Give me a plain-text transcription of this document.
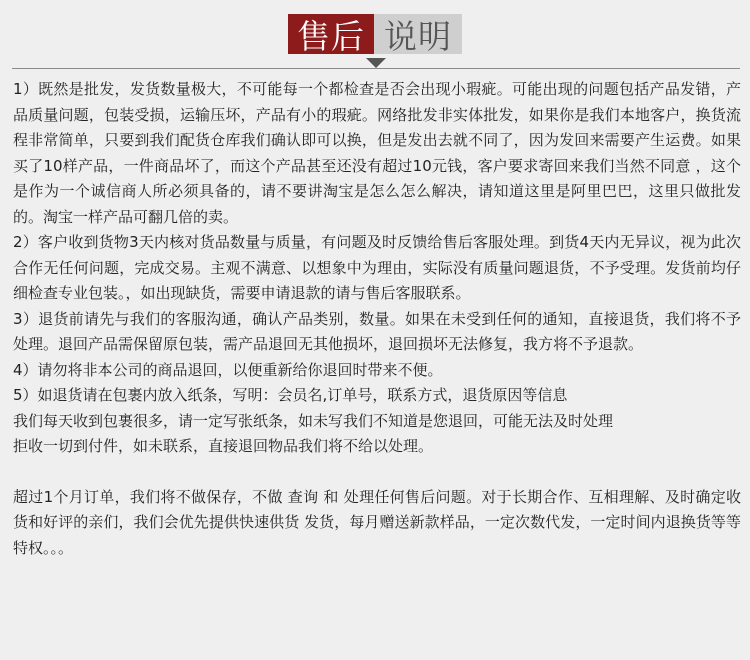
售后 说明

1）既然是批发，发货数量极大，不可能每一个都检查是否会出现小瑕疵。可能出现的问题包括产品发错，产品质量问题，包装受损，运输压坏，产品有小的瑕疵。网络批发非实体批发，如果你是我们本地客户，换货流程非常简单，只要到我们配货仓库我们确认即可以换，但是发出去就不同了，因为发回来需要产生运费。如果买了10样产品，一件商品坏了，而这个产品甚至还没有超过10元钱，客户要求寄回来我们当然不同意 ，这个是作为一个诚信商人所必须具备的，请不要讲淘宝是怎么怎么解决，请知道这里是阿里巴巴，这里只做批发的。淘宝一样产品可翻几倍的卖。

2）客户收到货物3天内核对货品数量与质量，有问题及时反馈给售后客服处理。到货4天内无异议，视为此次合作无任何问题，完成交易。主观不满意、以想象中为理由，实际没有质量问题退货，不予受理。发货前均仔细检查专业包装。，如出现缺货，需要申请退款的请与售后客服联系。

3）退货前请先与我们的客服沟通，确认产品类别，数量。如果在未受到任何的通知，直接退货，我们将不予处理。退回产品需保留原包装，需产品退回无其他损坏，退回损坏无法修复，我方将不予退款。

4）请勿将非本公司的商品退回，以便重新给你退回时带来不便。

5）如退货请在包裹内放入纸条，写明：会员名,订单号，联系方式，退货原因等信息

我们每天收到包裹很多，请一定写张纸条，如未写我们不知道是您退回，可能无法及时处理

拒收一切到付件，如未联系，直接退回物品我们将不给以处理。

超过1个月订单，我们将不做保存，不做 查询 和 处理任何售后问题。对于长期合作、互相理解、及时确定收货和好评的亲们，我们会优先提供快速供货 发货，每月赠送新款样品，一定次数代发，一定时间内退换货等等特权。。。
